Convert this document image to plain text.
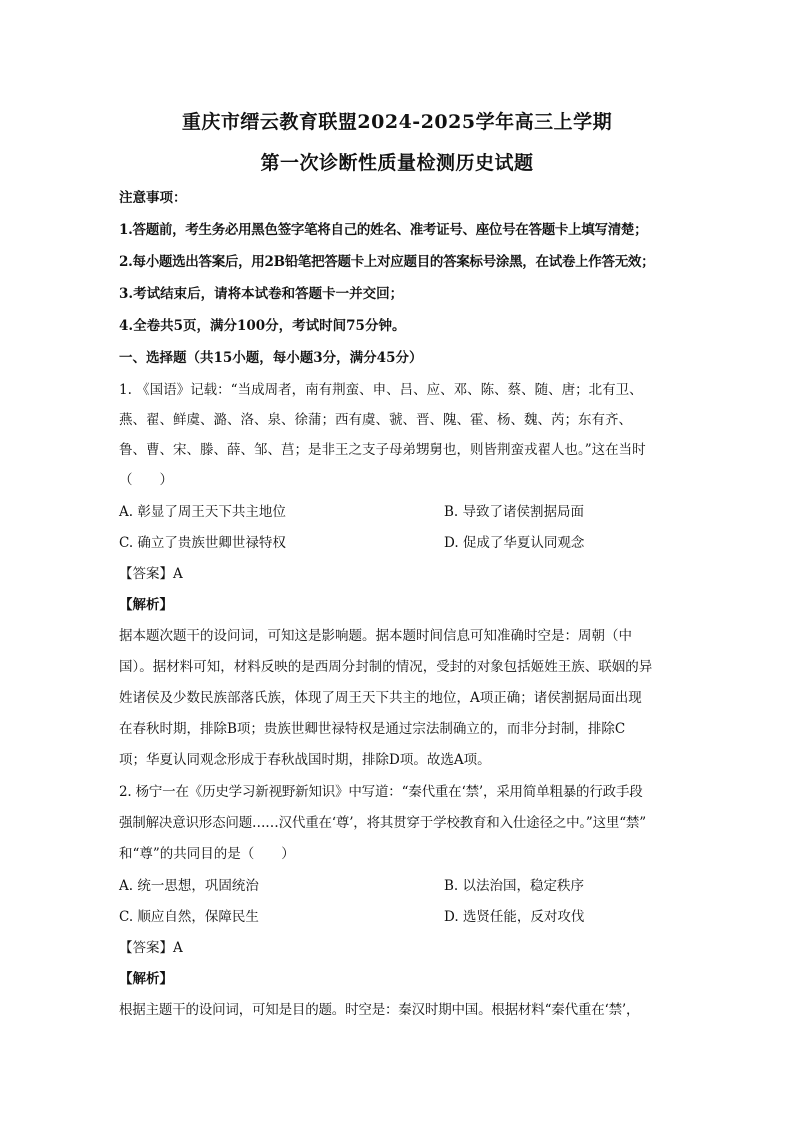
重庆市缙云教育联盟2024-2025学年高三上学期
第一次诊断性质量检测历史试题
注意事项：
1.答题前，考生务必用黑色签字笔将自己的姓名、准考证号、座位号在答题卡上填写清楚；
2.每小题选出答案后，用2B铅笔把答题卡上对应题目的答案标号涂黑，在试卷上作答无效；
3.考试结束后，请将本试卷和答题卡一并交回；
4.全卷共5页，满分100分，考试时间75分钟。
一、选择题（共15小题，每小题3分，满分45分）
1. 《国语》记载：“当成周者，南有荆蛮、申、吕、应、邓、陈、蔡、随、唐；北有卫、
燕、翟、鲜虞、潞、洛、泉、徐蒲；西有虞、虢、晋、隗、霍、杨、魏、芮；东有齐、
鲁、曹、宋、滕、薛、邹、莒；是非王之支子母弟甥舅也，则皆荆蛮戎翟人也。”这在当时
（　　）
A. 彰显了周王天下共主地位	B. 导致了诸侯割据局面
C. 确立了贵族世卿世禄特权	D. 促成了华夏认同观念
【答案】A
【解析】
据本题次题干的设问词，可知这是影响题。据本题时间信息可知准确时空是：周朝（中
国）。据材料可知，材料反映的是西周分封制的情况，受封的对象包括姬姓王族、联姻的异
姓诸侯及少数民族部落氏族，体现了周王天下共主的地位，A项正确；诸侯割据局面出现
在春秋时期，排除B项；贵族世卿世禄特权是通过宗法制确立的，而非分封制，排除C
项；华夏认同观念形成于春秋战国时期，排除D项。故选A项。
2. 杨宁一在《历史学习新视野新知识》中写道：“秦代重在‘禁’，采用简单粗暴的行政手段
强制解决意识形态问题……汉代重在‘尊’，将其贯穿于学校教育和入仕途径之中。”这里“禁”
和“尊”的共同目的是（　　）
A. 统一思想，巩固统治	B. 以法治国，稳定秩序
C. 顺应自然，保障民生	D. 选贤任能，反对攻伐
【答案】A
【解析】
根据主题干的设问词，可知是目的题。时空是：秦汉时期中国。根据材料“秦代重在‘禁’，
